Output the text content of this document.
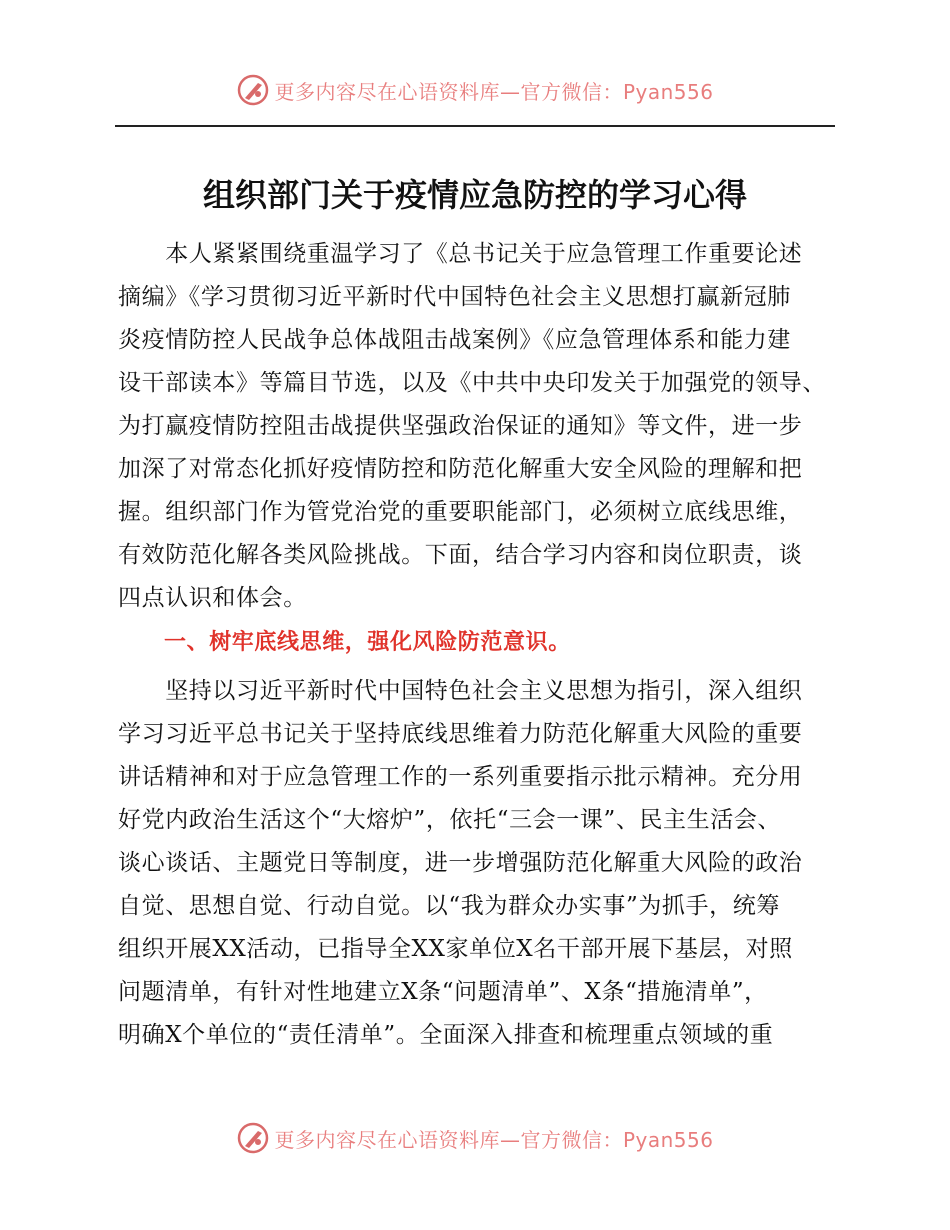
更多内容尽在心语资料库—官方微信：Pyan556
组织部门关于疫情应急防控的学习心得
　　本人紧紧围绕重温学习了《总书记关于应急管理工作重要论述
摘编》《学习贯彻习近平新时代中国特色社会主义思想打赢新冠肺
炎疫情防控人民战争总体战阻击战案例》《应急管理体系和能力建
设干部读本》等篇目节选，以及《中共中央印发关于加强党的领导、
为打赢疫情防控阻击战提供坚强政治保证的通知》等文件，进一步
加深了对常态化抓好疫情防控和防范化解重大安全风险的理解和把
握。组织部门作为管党治党的重要职能部门，必须树立底线思维，
有效防范化解各类风险挑战。下面，结合学习内容和岗位职责，谈
四点认识和体会。
一、树牢底线思维，强化风险防范意识。
　　坚持以习近平新时代中国特色社会主义思想为指引，深入组织
学习习近平总书记关于坚持底线思维着力防范化解重大风险的重要
讲话精神和对于应急管理工作的一系列重要指示批示精神。充分用
好党内政治生活这个“大熔炉”，依托“三会一课”、民主生活会、
谈心谈话、主题党日等制度，进一步增强防范化解重大风险的政治
自觉、思想自觉、行动自觉。以“我为群众办实事”为抓手，统筹
组织开展XX活动，已指导全XX家单位X名干部开展下基层，对照
问题清单，有针对性地建立X条“问题清单”、X条“措施清单”，
明确X个单位的“责任清单”。全面深入排查和梳理重点领域的重
更多内容尽在心语资料库—官方微信：Pyan556
